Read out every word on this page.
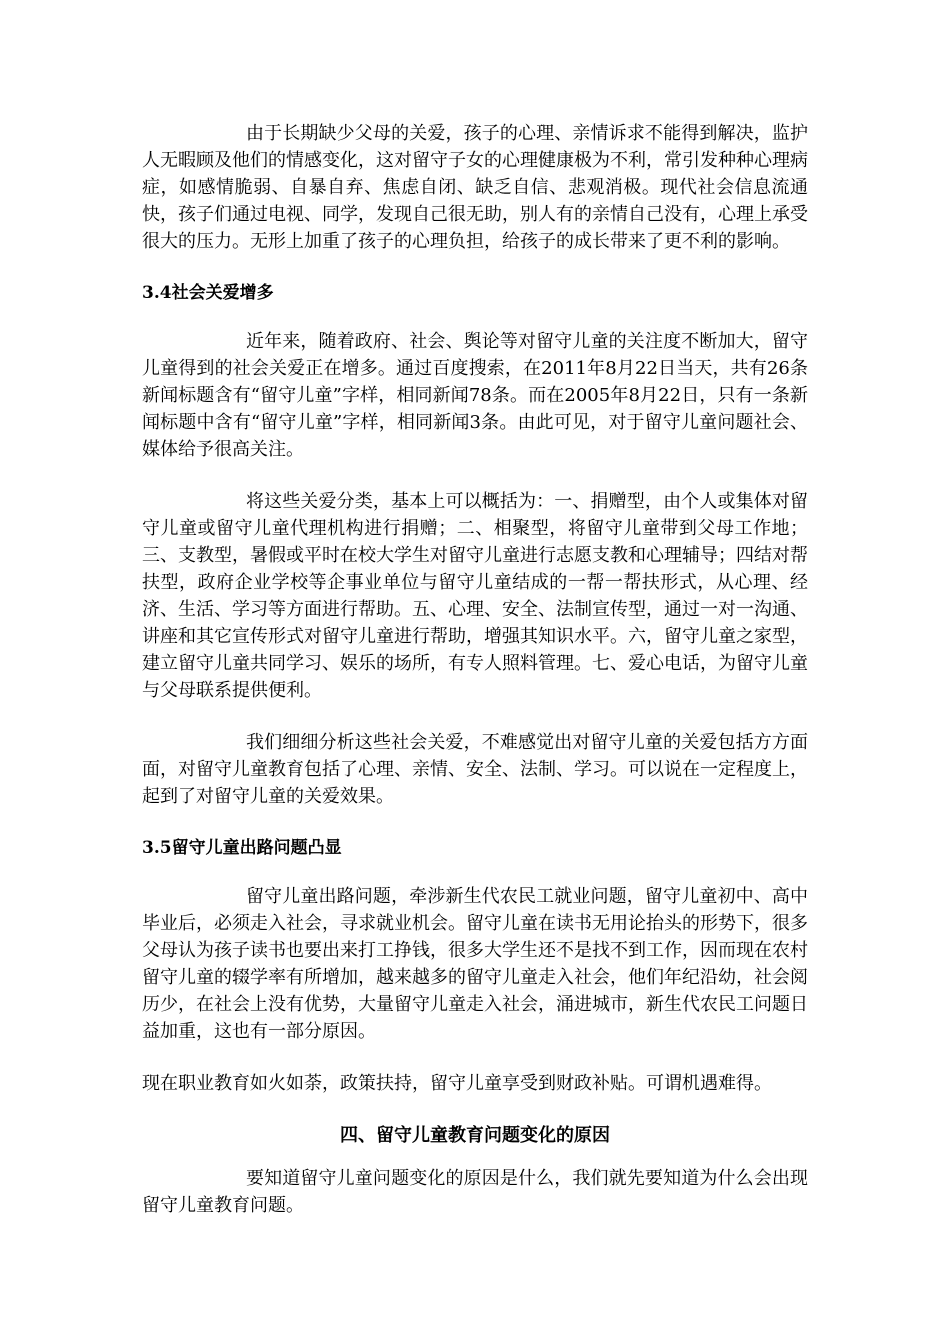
由于长期缺少父母的关爱，孩子的心理、亲情诉求不能得到解决，监护人无暇顾及他们的情感变化，这对留守子女的心理健康极为不利，常引发种种心理病症，如感情脆弱、自暴自弃、焦虑自闭、缺乏自信、悲观消极。现代社会信息流通快，孩子们通过电视、同学，发现自己很无助，别人有的亲情自己没有，心理上承受很大的压力。无形上加重了孩子的心理负担，给孩子的成长带来了更不利的影响。

3.4社会关爱增多

近年来，随着政府、社会、舆论等对留守儿童的关注度不断加大，留守儿童得到的社会关爱正在增多。通过百度搜索，在2011年8月22日当天，共有26条新闻标题含有“留守儿童”字样，相同新闻78条。而在2005年8月22日，只有一条新闻标题中含有“留守儿童”字样，相同新闻3条。由此可见，对于留守儿童问题社会、媒体给予很高关注。

将这些关爱分类，基本上可以概括为：一、捐赠型，由个人或集体对留守儿童或留守儿童代理机构进行捐赠；二、相聚型，将留守儿童带到父母工作地；三、支教型，暑假或平时在校大学生对留守儿童进行志愿支教和心理辅导；四结对帮扶型，政府企业学校等企事业单位与留守儿童结成的一帮一帮扶形式，从心理、经济、生活、学习等方面进行帮助。五、心理、安全、法制宣传型，通过一对一沟通、讲座和其它宣传形式对留守儿童进行帮助，增强其知识水平。六，留守儿童之家型，建立留守儿童共同学习、娱乐的场所，有专人照料管理。七、爱心电话，为留守儿童与父母联系提供便利。

我们细细分析这些社会关爱，不难感觉出对留守儿童的关爱包括方方面面，对留守儿童教育包括了心理、亲情、安全、法制、学习。可以说在一定程度上，起到了对留守儿童的关爱效果。

3.5留守儿童出路问题凸显

留守儿童出路问题，牵涉新生代农民工就业问题，留守儿童初中、高中毕业后，必须走入社会，寻求就业机会。留守儿童在读书无用论抬头的形势下，很多父母认为孩子读书也要出来打工挣钱，很多大学生还不是找不到工作，因而现在农村留守儿童的辍学率有所增加，越来越多的留守儿童走入社会，他们年纪沿幼，社会阅历少，在社会上没有优势，大量留守儿童走入社会，涌进城市，新生代农民工问题日益加重，这也有一部分原因。

现在职业教育如火如荼，政策扶持，留守儿童享受到财政补贴。可谓机遇难得。

四、留守儿童教育问题变化的原因

要知道留守儿童问题变化的原因是什么，我们就先要知道为什么会出现留守儿童教育问题。
